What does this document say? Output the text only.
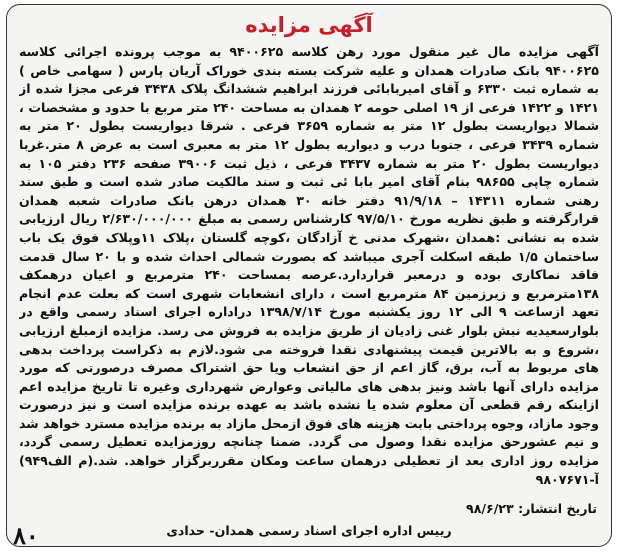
آگهی مزایده

آگهی مزایده مال غیر منقول مورد رهن کلاسه ۹۴۰۰۶۲۵ به موجب پرونده اجرائی کلاسه ۹۴۰۰۶۲۵ بانک صادرات همدان و علیه شرکت بسته بندی خوراک آریان پارس ( سهامی خاص ) به شماره ثبت ۶۳۳۰ و آقای امیربابائی فرزند ابراهیم ششدانگ پلاک ۳۴۳۸ فرعی مجزا شده از ۱۴۲۱ و ۱۴۲۲ فرعی از ۱۹ اصلی حومه ۲ همدان به مساحت ۲۴۰ متر مربع با حدود و مشخصات ، شمالا دیواریست بطول ۱۲ متر به شماره ۳۶۵۹ فرعی . شرقا دیواریست بطول ۲۰ متر به شماره ۳۴۳۹ فرعی ، جنوبا درب و دیواریه بطول ۱۲ متر به معبری است به عرض ۸ متر.غربا دیواریست بطول ۲۰ متر به شماره ۳۴۳۷ فرعی ، ذیل ثبت ۳۹۰۰۶ صفحه ۲۳۶ دفتر ۱۰۵ به شماره چاپی ۹۸۶۵۵ بنام آقای امیر بابا ئی ثبت و سند مالکیت صادر شده است و طبق سند رهنی شماره ۱۴۳۱۱ – ۹۱/۹/۱۸ دفتر خانه ۳۰ همدان درهن بانک صادرات شعبه همدان قرارگرفته و طبق نظریه مورخ ۹۷/۵/۱۰ کارشناس رسمی به مبلغ ۲/۶۳۰/۰۰۰/۰۰۰ ریال ارزیابی شده به نشانی :همدان ،شهرک مدنی خ آزادگان ،کوچه گلستان ،پلاک ۱۱وپلاک فوق یک باب ساختمان ۱/۵ طبقه اسکلت آجری میباشد که بصورت شمالی احداث شده و با ۲۰ سال قدمت فاقد نماکاری بوده و درمعبر قراردارد.عرصه بمساحت ۲۴۰ مترمربع و اعیان درهمکف ۱۳۸مترمربع و زیرزمین ۸۴ مترمربع است ، دارای انشعابات شهری است که بعلت عدم انجام تعهد ازساعت ۹ الی ۱۲ روز یکشنبه مورخ ۱۳۹۸/۷/۱۴ دراداره اجرای اسناد رسمی واقع در بلوارسعیدیه نبش بلوار غنی زادیان از طریق مزایده به فروش می رسد. مزایده ازمبلغ ارزیابی ،شروع و به بالاترین قیمت پیشنهادی نقدا فروخته می شود.لازم به ذکراست پرداخت بدهی های مربوط به آب، برق، گاز اعم از حق انشعاب ویا حق اشتراک مصرف درصورتی که مورد مزایده دارای آنها باشد ونیز بدهی های مالیاتی وعوارض شهرداری وغیره تا تاریخ مزایده اعم ازاینکه رقم قطعی آن معلوم شده یا نشده باشد به عهده برنده مزایده است و نیز درصورت وجود مازاد، وجوه پرداختی بابت هزینه های فوق ازمحل مازاد به برنده مزایده مسترد خواهد شد و نیم عشورحق مزایده نقدا وصول می گردد. ضمنا چنانچه روزمزایده تعطیل رسمی گردد، مزایده روز اداری بعد از تعطیلی درهمان ساعت ومکان مقرربرگزار خواهد. شد.(م الف۹۴۹) آ-۹۸۰۷۶۷۱

تاریخ انتشار: ۹۸/۶/۲۳
رییس اداره اجرای اسناد رسمی همدان- حدادی
۸۰
